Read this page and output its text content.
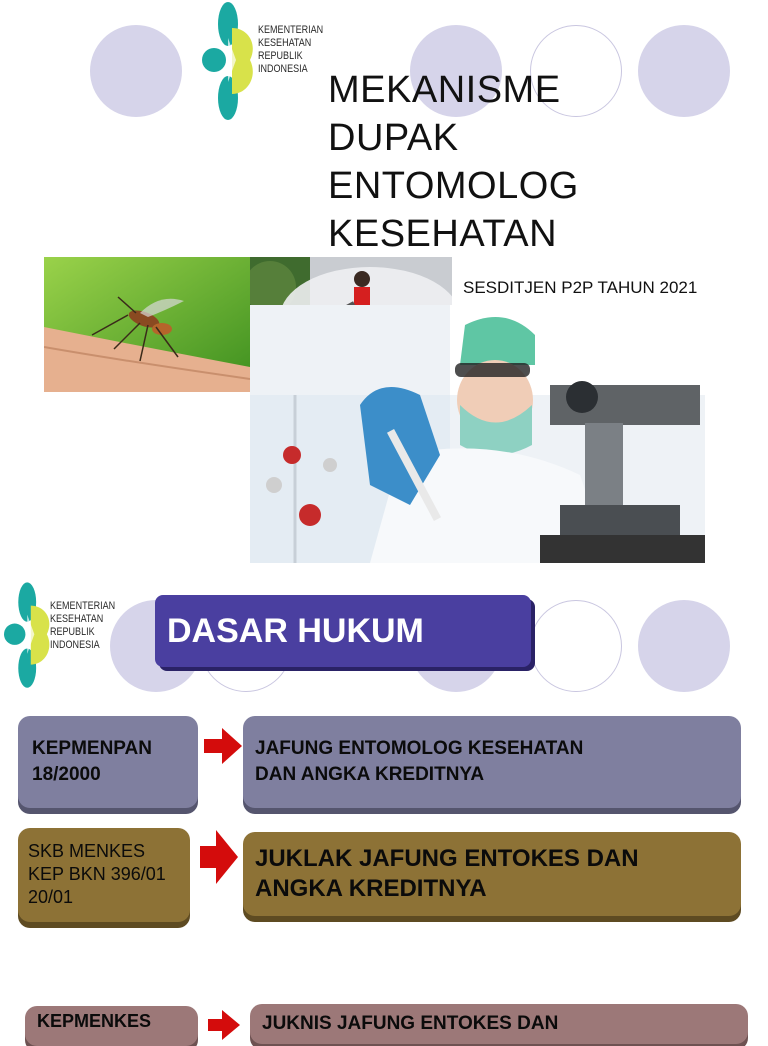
KEMENTERIAN
KESEHATAN
REPUBLIK
INDONESIA MEKANISME
DUPAK
ENTOMOLOG
KESEHATAN
SESDITJEN P2P TAHUN 2021
KEMENTERIAN
KESEHATAN
REPUBLIK
INDONESIA	DASAR HUKUM
KEPMENPAN
18/2000
JAFUNG ENTOMOLOG KESEHATAN
DAN ANGKA KREDITNYA
SKB MENKES
KEP BKN 396/01
20/01
JUKLAK JAFUNG ENTOKES DAN
ANGKA KREDITNYA
KEPMENKES	JUKNIS JAFUNG ENTOKES DAN
